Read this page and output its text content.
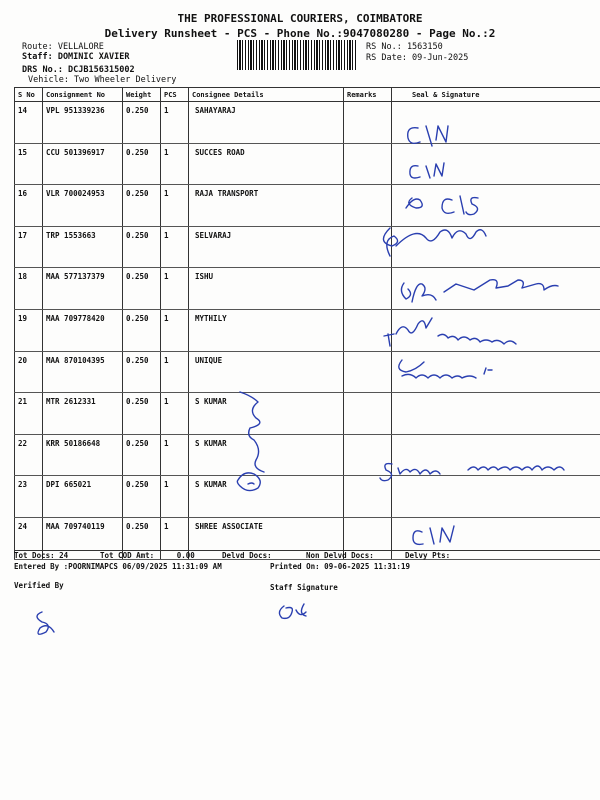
THE PROFESSIONAL COURIERS, COIMBATORE
Delivery Runsheet - PCS - Phone No.:9047080280 - Page No.:2
Route: VELLALORE
Staff: DOMINIC XAVIER
DRS No.: DCJB156315002
Vehicle: Two Wheeler Delivery
RS No.: 1563150
RS Date: 09-Jun-2025
S No	Consignment No	Weight	PCS	Consignee Details	Remarks	Seal & Signature
14	VPL 951339236	0.250	1	SAHAYARAJ		
15	CCU 501396917	0.250	1	SUCCES ROAD		
16	VLR 700024953	0.250	1	RAJA TRANSPORT		
17	TRP 1553663	0.250	1	SELVARAJ		
18	MAA 577137379	0.250	1	ISHU		
19	MAA 709778420	0.250	1	MYTHILY		
20	MAA 870104395	0.250	1	UNIQUE		
21	MTR 2612331	0.250	1	S KUMAR		
22	KRR 50186648	0.250	1	S KUMAR		
23	DPI 665021	0.250	1	S KUMAR		
24	MAA 709740119	0.250	1	SHREE ASSOCIATE		
Tot Docs: 24	Tot COD Amt:     0.00	Delvd Docs:	Non Delvd Docs:	Delvy Pts:
Entered By :POORNIMAPCS 06/09/2025 11:31:09 AM	Printed On: 09-06-2025 11:31:19
Verified By	Staff Signature
